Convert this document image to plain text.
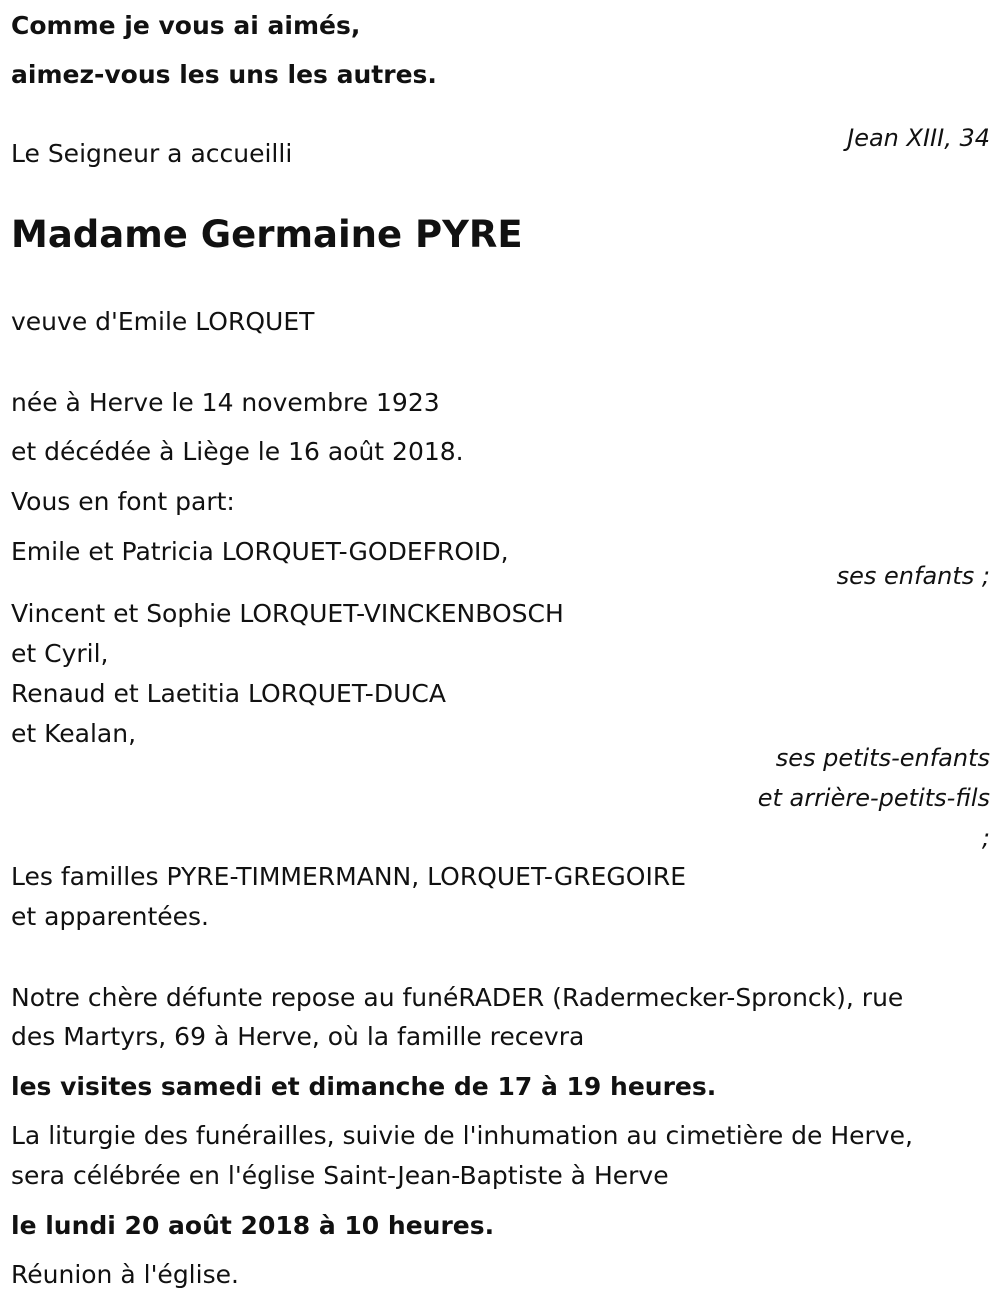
Comme je vous ai aimés,
aimez-vous les uns les autres.
Jean XIII, 34
Le Seigneur a accueilli
Madame Germaine PYRE
veuve d'Emile LORQUET
née à Herve le 14 novembre 1923
et décédée à Liège le 16 août 2018.
Vous en font part:
Emile et Patricia LORQUET-GODEFROID,
ses enfants ;
Vincent et Sophie LORQUET-VINCKENBOSCH
et Cyril,
Renaud et Laetitia LORQUET-DUCA
et Kealan,
ses petits-enfants
et arrière-petits-fils
;
Les familles PYRE-TIMMERMANN, LORQUET-GREGOIRE
et apparentées.
Notre chère défunte repose au funéRADER (Radermecker-Spronck), rue
des Martyrs, 69 à Herve, où la famille recevra
les visites samedi et dimanche de 17 à 19 heures.
La liturgie des funérailles, suivie de l'inhumation au cimetière de Herve,
sera célébrée en l'église Saint-Jean-Baptiste à Herve
le lundi 20 août 2018 à 10 heures.
Réunion à l'église.
